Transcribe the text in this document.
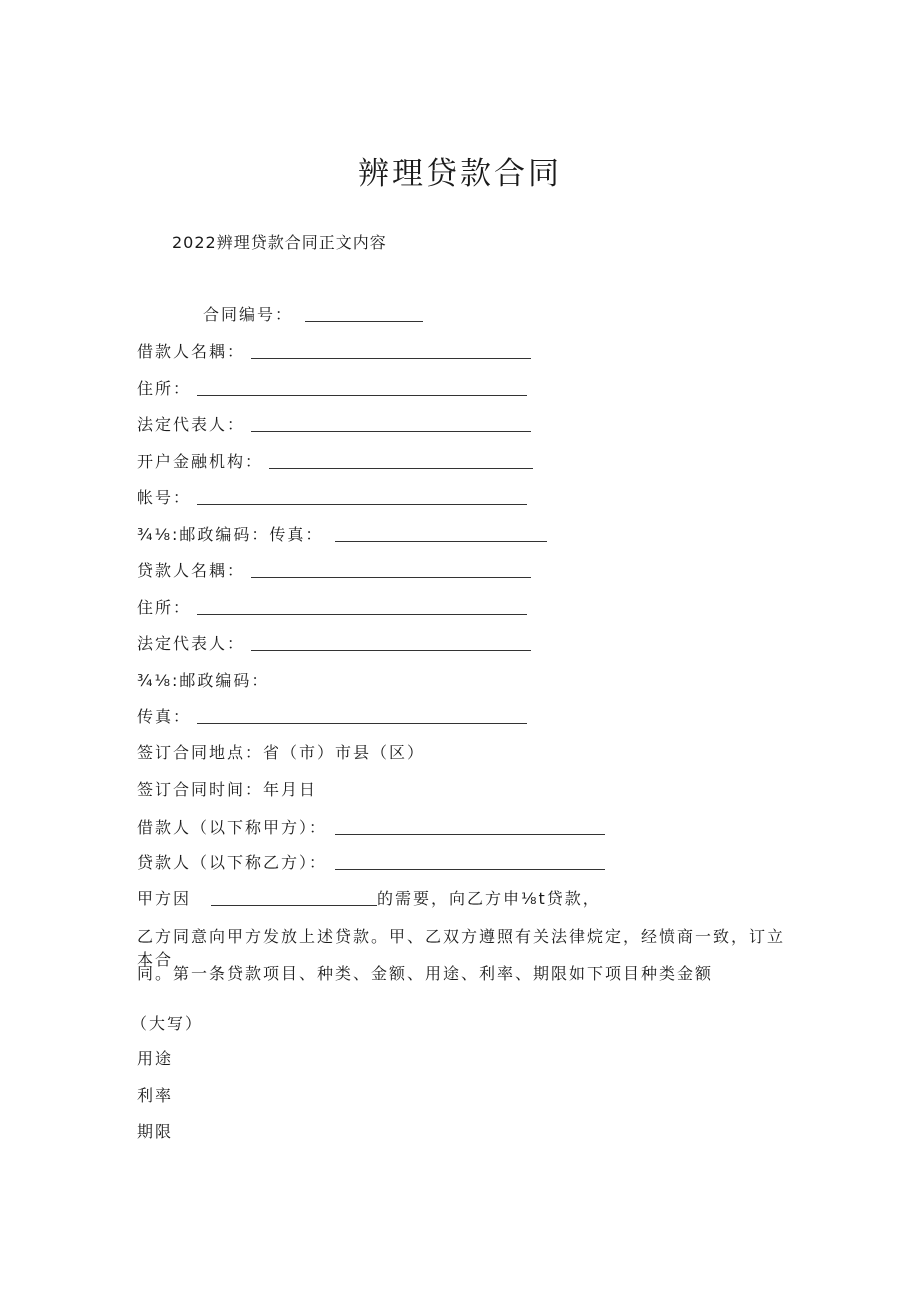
辨理贷款合同
2022辨理贷款合同正文内容
合同编号：
借款人名耦：
住所：
法定代表人：
开户金融机构：
帐号：
¾⅛:邮政编码：传真：
贷款人名耦：
住所：
法定代表人：
¾⅛:邮政编码：
传真：
签订合同地点：省（市）市县（区）
签订合同时间：年月日
借款人（以下称甲方）：
贷款人（以下称乙方）：
甲方因	的需要，向乙方申⅛t贷款，
乙方同意向甲方发放上述贷款。甲、乙双方遵照有关法律烷定，经愤商一致，订立本合
同。第一条贷款项目、种类、金额、用途、利率、期限如下项目种类金额
（大写）
用途
利率
期限
